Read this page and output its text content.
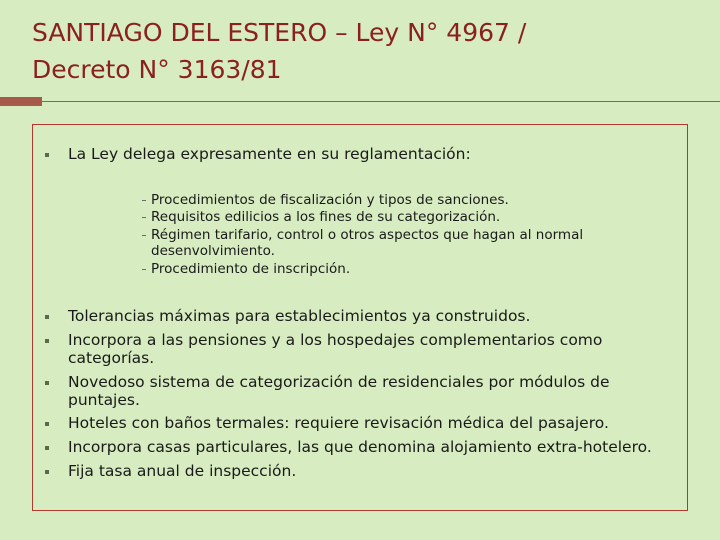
SANTIAGO DEL ESTERO – Ley N° 4967 /
Decreto N° 3163/81
La Ley delega expresamente en su reglamentación:
Procedimientos de fiscalización y tipos de sanciones.
Requisitos edilicios a los fines de su categorización.
Régimen tarifario, control o otros aspectos que hagan al normal desenvolvimiento.
Procedimiento de inscripción.
Tolerancias máximas para establecimientos ya construidos.
Incorpora a las pensiones y a los hospedajes complementarios como categorías.
Novedoso sistema de categorización de residenciales por módulos de puntajes.
Hoteles con baños termales: requiere revisación médica del pasajero.
Incorpora casas particulares, las que denomina alojamiento extra-hotelero.
Fija tasa anual de inspección.
